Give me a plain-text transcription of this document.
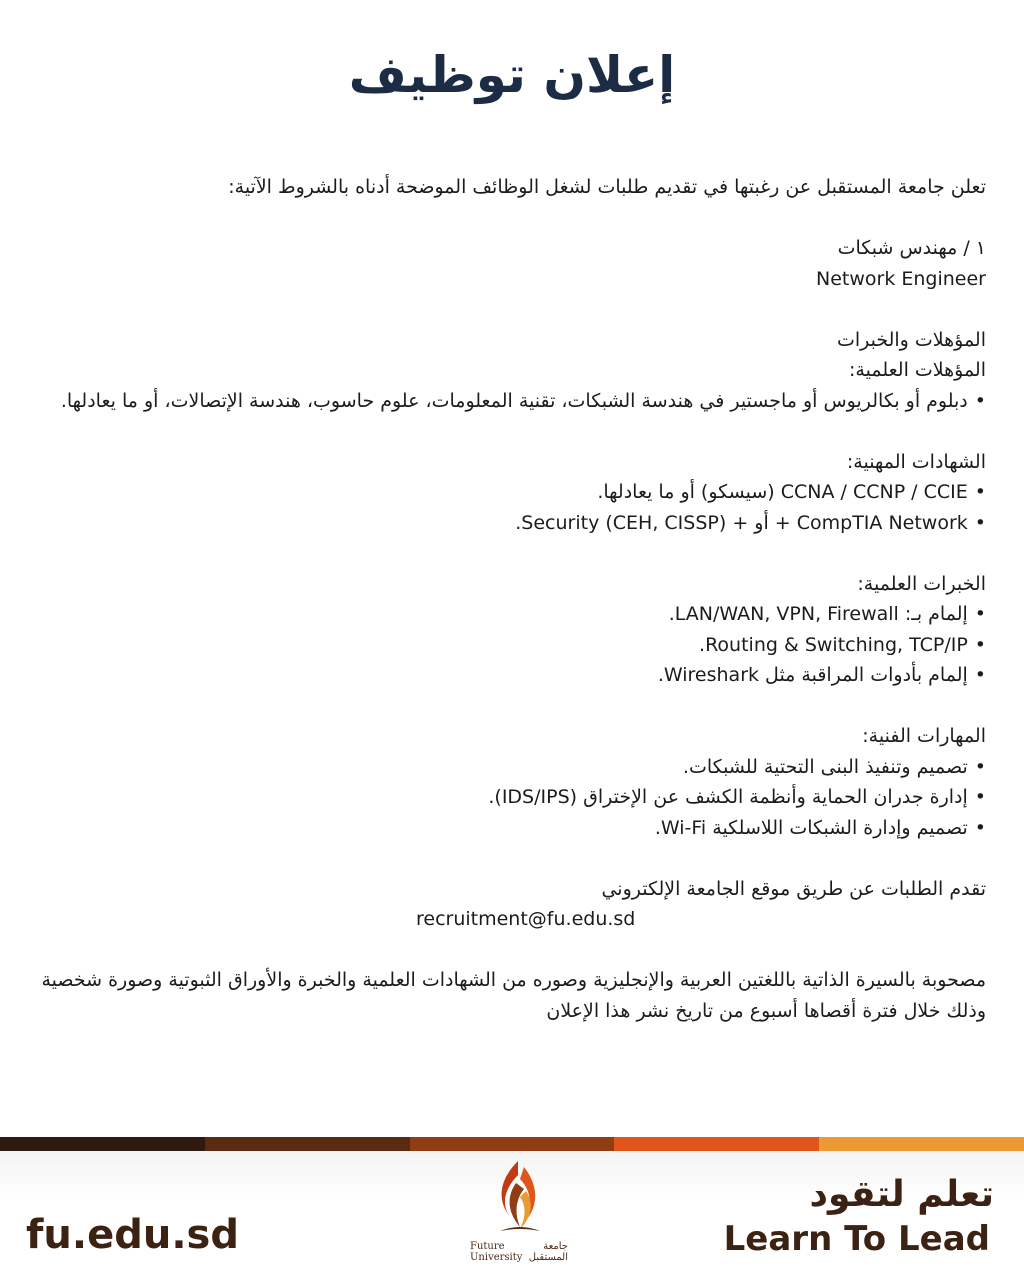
إعلان توظيف
تعلن جامعة المستقبل عن رغبتها في تقديم طلبات لشغل الوظائف الموضحة أدناه بالشروط الآتية:
١ / مهندس شبكات
Network Engineer
المؤهلات والخبرات
المؤهلات العلمية:
• دبلوم أو بكالريوس أو ماجستير في هندسة الشبكات، تقنية المعلومات، علوم حاسوب، هندسة الإتصالات، أو ما يعادلها.
الشهادات المهنية:
• CCNA / CCNP / CCIE (سيسكو) أو ما يعادلها.
• CompTIA Network + أو + Security (CEH, CISSP).
الخبرات العلمية:
• إلمام بـ: LAN/WAN, VPN, Firewall.
• Routing & Switching, TCP/IP.
• إلمام بأدوات المراقبة مثل Wireshark.
المهارات الفنية:
• تصميم وتنفيذ البنى التحتية للشبكات.
• إدارة جدران الحماية وأنظمة الكشف عن الإختراق (IDS/IPS).
• تصميم وإدارة الشبكات اللاسلكية Wi-Fi.
تقدم الطلبات عن طريق موقع الجامعة الإلكتروني
recruitment@fu.edu.sd
مصحوبة بالسيرة الذاتية باللغتين العربية والإنجليزية وصوره من الشهادات العلمية والخبرة والأوراق الثبوتية وصورة شخصية
وذلك خلال فترة أقصاها أسبوع من تاريخ نشر هذا الإعلان
fu.edu.sd	Future University
جامعة المستقبل
تعلم لتقود
Learn To Lead
